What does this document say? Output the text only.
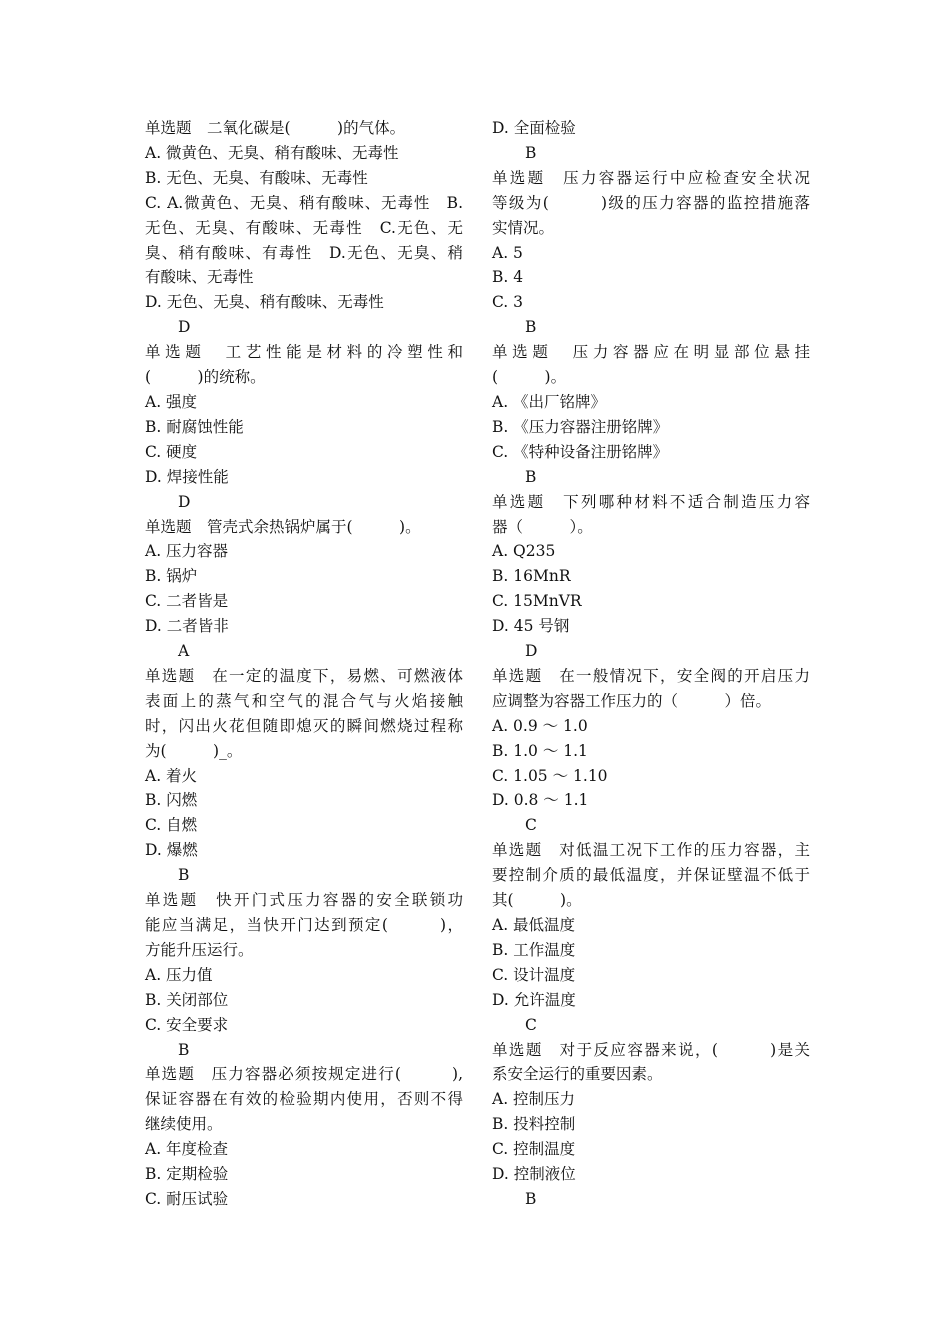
单选题　二氧化碳是(　　　)的气体。
A. 微黄色、无臭、稍有酸味、无毒性
B. 无色、无臭、有酸味、无毒性
C. A.微黄色、无臭、稍有酸味、无毒性　B.
无色、无臭、有酸味、无毒性　C.无色、无
臭、稍有酸味、有毒性　D.无色、无臭、稍
有酸味、无毒性
D. 无色、无臭、稍有酸味、无毒性
D
单选题　工艺性能是材料的冷塑性和
(　　　)的统称。
A. 强度
B. 耐腐蚀性能
C. 硬度
D. 焊接性能
D
单选题　管壳式余热锅炉属于(　　　)。
A. 压力容器
B. 锅炉
C. 二者皆是
D. 二者皆非
A
单选题　在一定的温度下，易燃、可燃液体
表面上的蒸气和空气的混合气与火焰接触
时，闪出火花但随即熄灭的瞬间燃烧过程称
为(　　　)_。
A. 着火
B. 闪燃
C. 自燃
D. 爆燃
B
单选题　快开门式压力容器的安全联锁功
能应当满足，当快开门达到预定(　　　)，
方能升压运行。
A. 压力值
B. 关闭部位
C. 安全要求
B
单选题　压力容器必须按规定进行(　　　),
保证容器在有效的检验期内使用，否则不得
继续使用。
A. 年度检查
B. 定期检验
C. 耐压试验
D. 全面检验
B
单选题　压力容器运行中应检查安全状况
等级为(　　　)级的压力容器的监控措施落
实情况。
A. 5
B. 4
C. 3
B
单选题　压力容器应在明显部位悬挂
(　　　)。
A. 《出厂铭牌》
B. 《压力容器注册铭牌》
C. 《特种设备注册铭牌》
B
单选题　下列哪种材料不适合制造压力容
器（　　　）。
A. Q235
B. 16MnR
C. 15MnVR
D. 45 号钢
D
单选题　在一般情况下，安全阀的开启压力
应调整为容器工作压力的（　　　）倍。
A. 0.9 ～ 1.0
B. 1.0 ～ 1.1
C. 1.05 ～ 1.10
D. 0.8 ～ 1.1
C
单选题　对低温工况下工作的压力容器，主
要控制介质的最低温度，并保证壁温不低于
其(　　　)。
A. 最低温度
B. 工作温度
C. 设计温度
D. 允许温度
C
单选题　对于反应容器来说，(　　　)是关
系安全运行的重要因素。
A. 控制压力
B. 投料控制
C. 控制温度
D. 控制液位
B
